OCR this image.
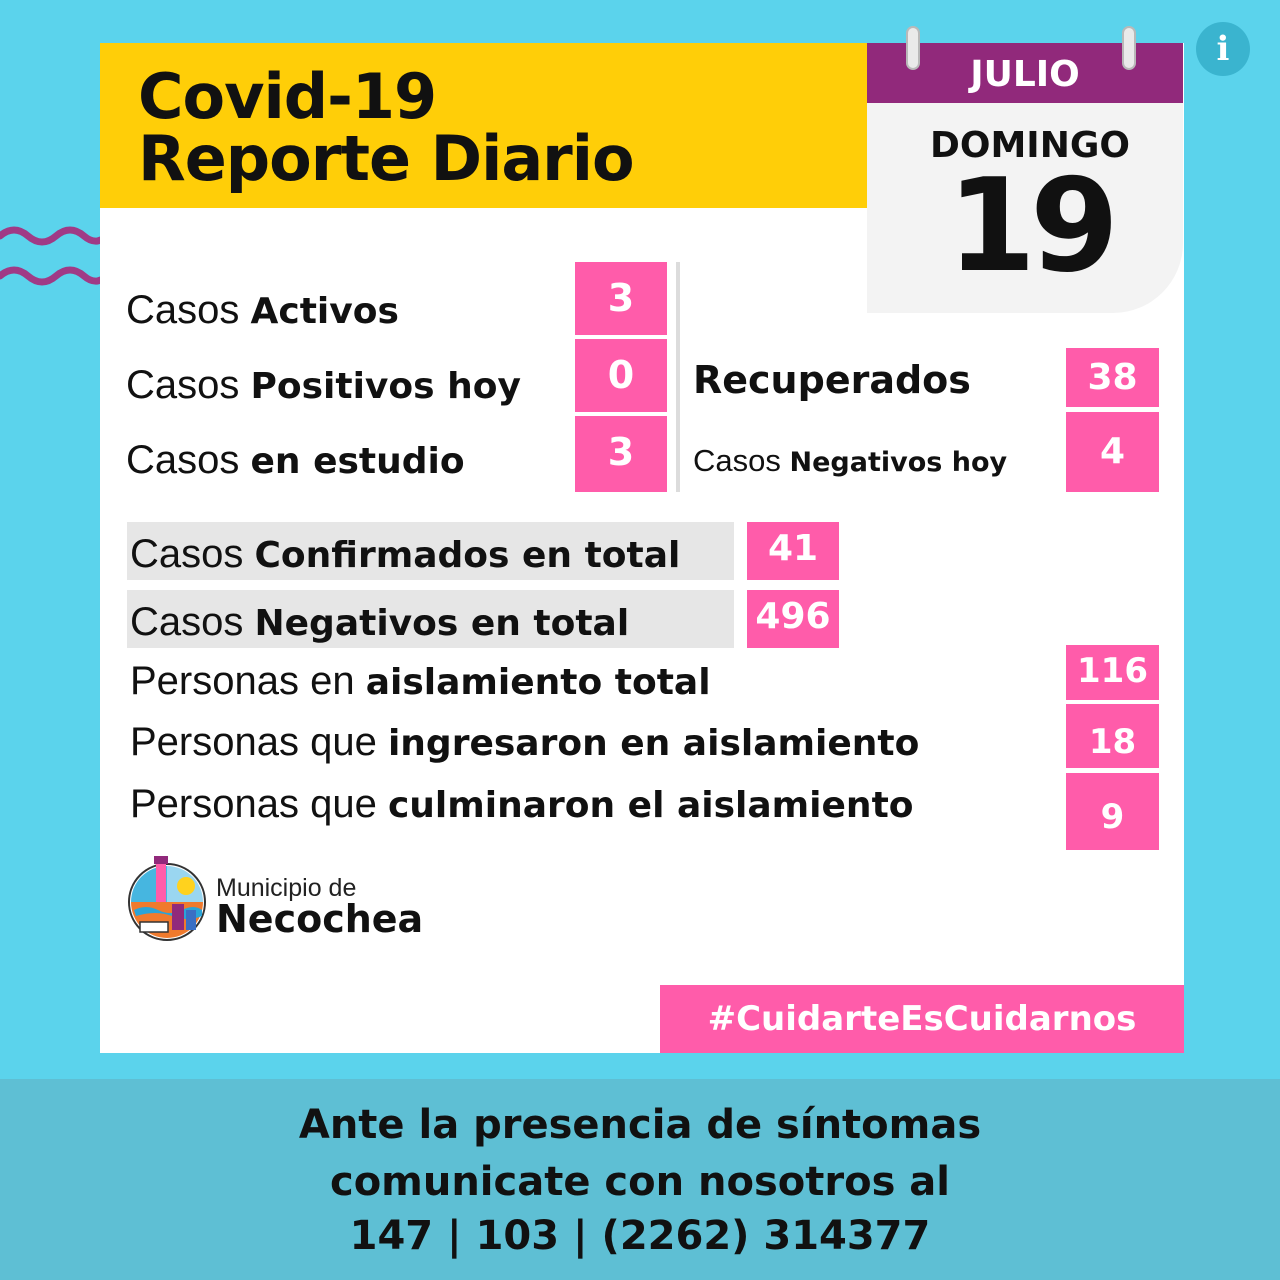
Covid-19
Reporte Diario
JULIO
DOMINGO
19
i
Casos Activos	3
Casos Positivos hoy	0
Casos en estudio	3
Recuperados	38
Casos Negativos hoy	4
Casos Confirmados en total	41
Casos Negativos en total	496
Personas en aislamiento total	116
Personas que ingresaron en aislamiento	18
Personas que culminaron el aislamiento	9
Municipio de
Necochea
#CuidarteEsCuidarnos
Ante la presencia de síntomas
comunicate con nosotros al
147 | 103 | (2262) 314377
